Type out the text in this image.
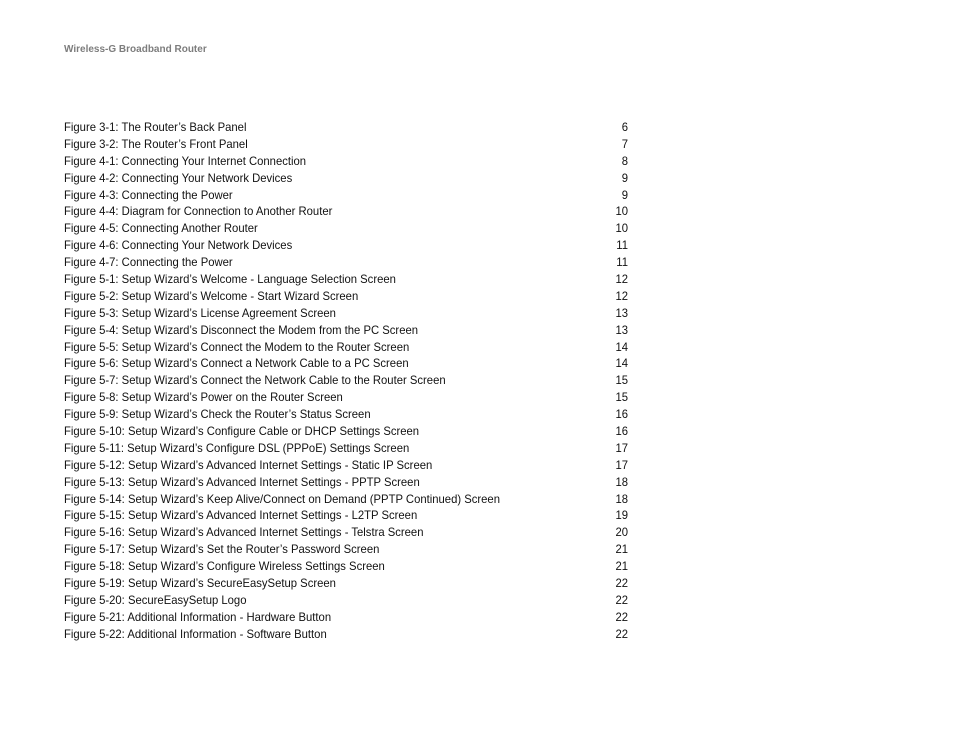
Wireless-G Broadband Router
Figure 3-1: The Router’s Back Panel	6
Figure 3-2: The Router’s Front Panel	7
Figure 4-1: Connecting Your Internet Connection	8
Figure 4-2: Connecting Your Network Devices	9
Figure 4-3: Connecting the Power	9
Figure 4-4: Diagram for Connection to Another Router	10
Figure 4-5: Connecting Another Router	10
Figure 4-6: Connecting Your Network Devices	11
Figure 4-7: Connecting the Power	11
Figure 5-1: Setup Wizard’s Welcome - Language Selection Screen	12
Figure 5-2: Setup Wizard’s Welcome - Start Wizard Screen	12
Figure 5-3: Setup Wizard’s License Agreement Screen	13
Figure 5-4: Setup Wizard’s Disconnect the Modem from the PC Screen	13
Figure 5-5: Setup Wizard’s Connect the Modem to the Router Screen	14
Figure 5-6: Setup Wizard’s Connect a Network Cable to a PC Screen	14
Figure 5-7: Setup Wizard’s Connect the Network Cable to the Router Screen	15
Figure 5-8: Setup Wizard’s Power on the Router Screen	15
Figure 5-9: Setup Wizard’s Check the Router’s Status Screen	16
Figure 5-10: Setup Wizard’s Configure Cable or DHCP Settings Screen	16
Figure 5-11: Setup Wizard’s Configure DSL (PPPoE) Settings Screen	17
Figure 5-12: Setup Wizard’s Advanced Internet Settings - Static IP Screen	17
Figure 5-13: Setup Wizard’s Advanced Internet Settings - PPTP Screen	18
Figure 5-14: Setup Wizard’s Keep Alive/Connect on Demand (PPTP Continued) Screen	18
Figure 5-15: Setup Wizard’s Advanced Internet Settings - L2TP Screen	19
Figure 5-16: Setup Wizard’s Advanced Internet Settings - Telstra Screen	20
Figure 5-17: Setup Wizard’s Set the Router’s Password Screen	21
Figure 5-18: Setup Wizard’s Configure Wireless Settings Screen	21
Figure 5-19: Setup Wizard’s SecureEasySetup Screen	22
Figure 5-20: SecureEasySetup Logo	22
Figure 5-21: Additional Information - Hardware Button	22
Figure 5-22: Additional Information - Software Button	22
